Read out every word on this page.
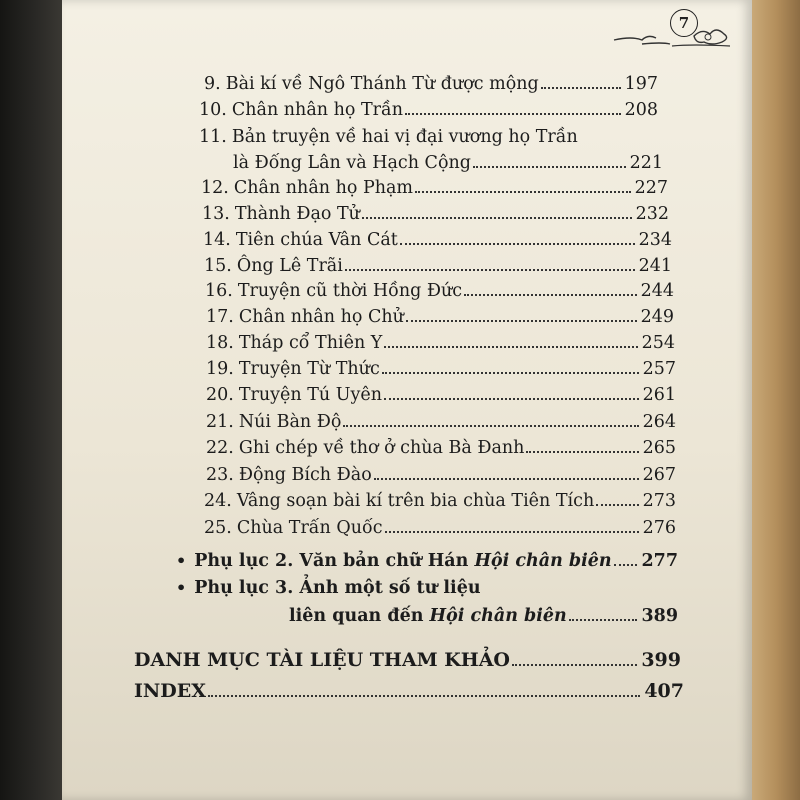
7
9. Bài kí về Ngô Thánh Từ được mộng	197
10. Chân nhân họ Trần	208
11. Bản truyện về hai vị đại vương họ Trần
là Đống Lân và Hạch Cộng	221
12. Chân nhân họ Phạm	227
13. Thành Đạo Tử	232
14. Tiên chúa Vân Cát	234
15. Ông Lê Trãi	241
16. Truyện cũ thời Hồng Đức	244
17. Chân nhân họ Chử	249
18. Tháp cổ Thiên Y	254
19. Truyện Từ Thức	257
20. Truyện Tú Uyên	261
21. Núi Bàn Độ	264
22. Ghi chép về thơ ở chùa Bà Đanh	265
23. Động Bích Đào	267
24. Vâng soạn bài kí trên bia chùa Tiên Tích	273
25. Chùa Trấn Quốc	276
• Phụ lục 2. Văn bản chữ Hán Hội chân biên 277
• Phụ lục 3. Ảnh một số tư liệu
liên quan đến Hội chân biên	389
DANH MỤC TÀI LIỆU THAM KHẢO	399
INDEX	407
